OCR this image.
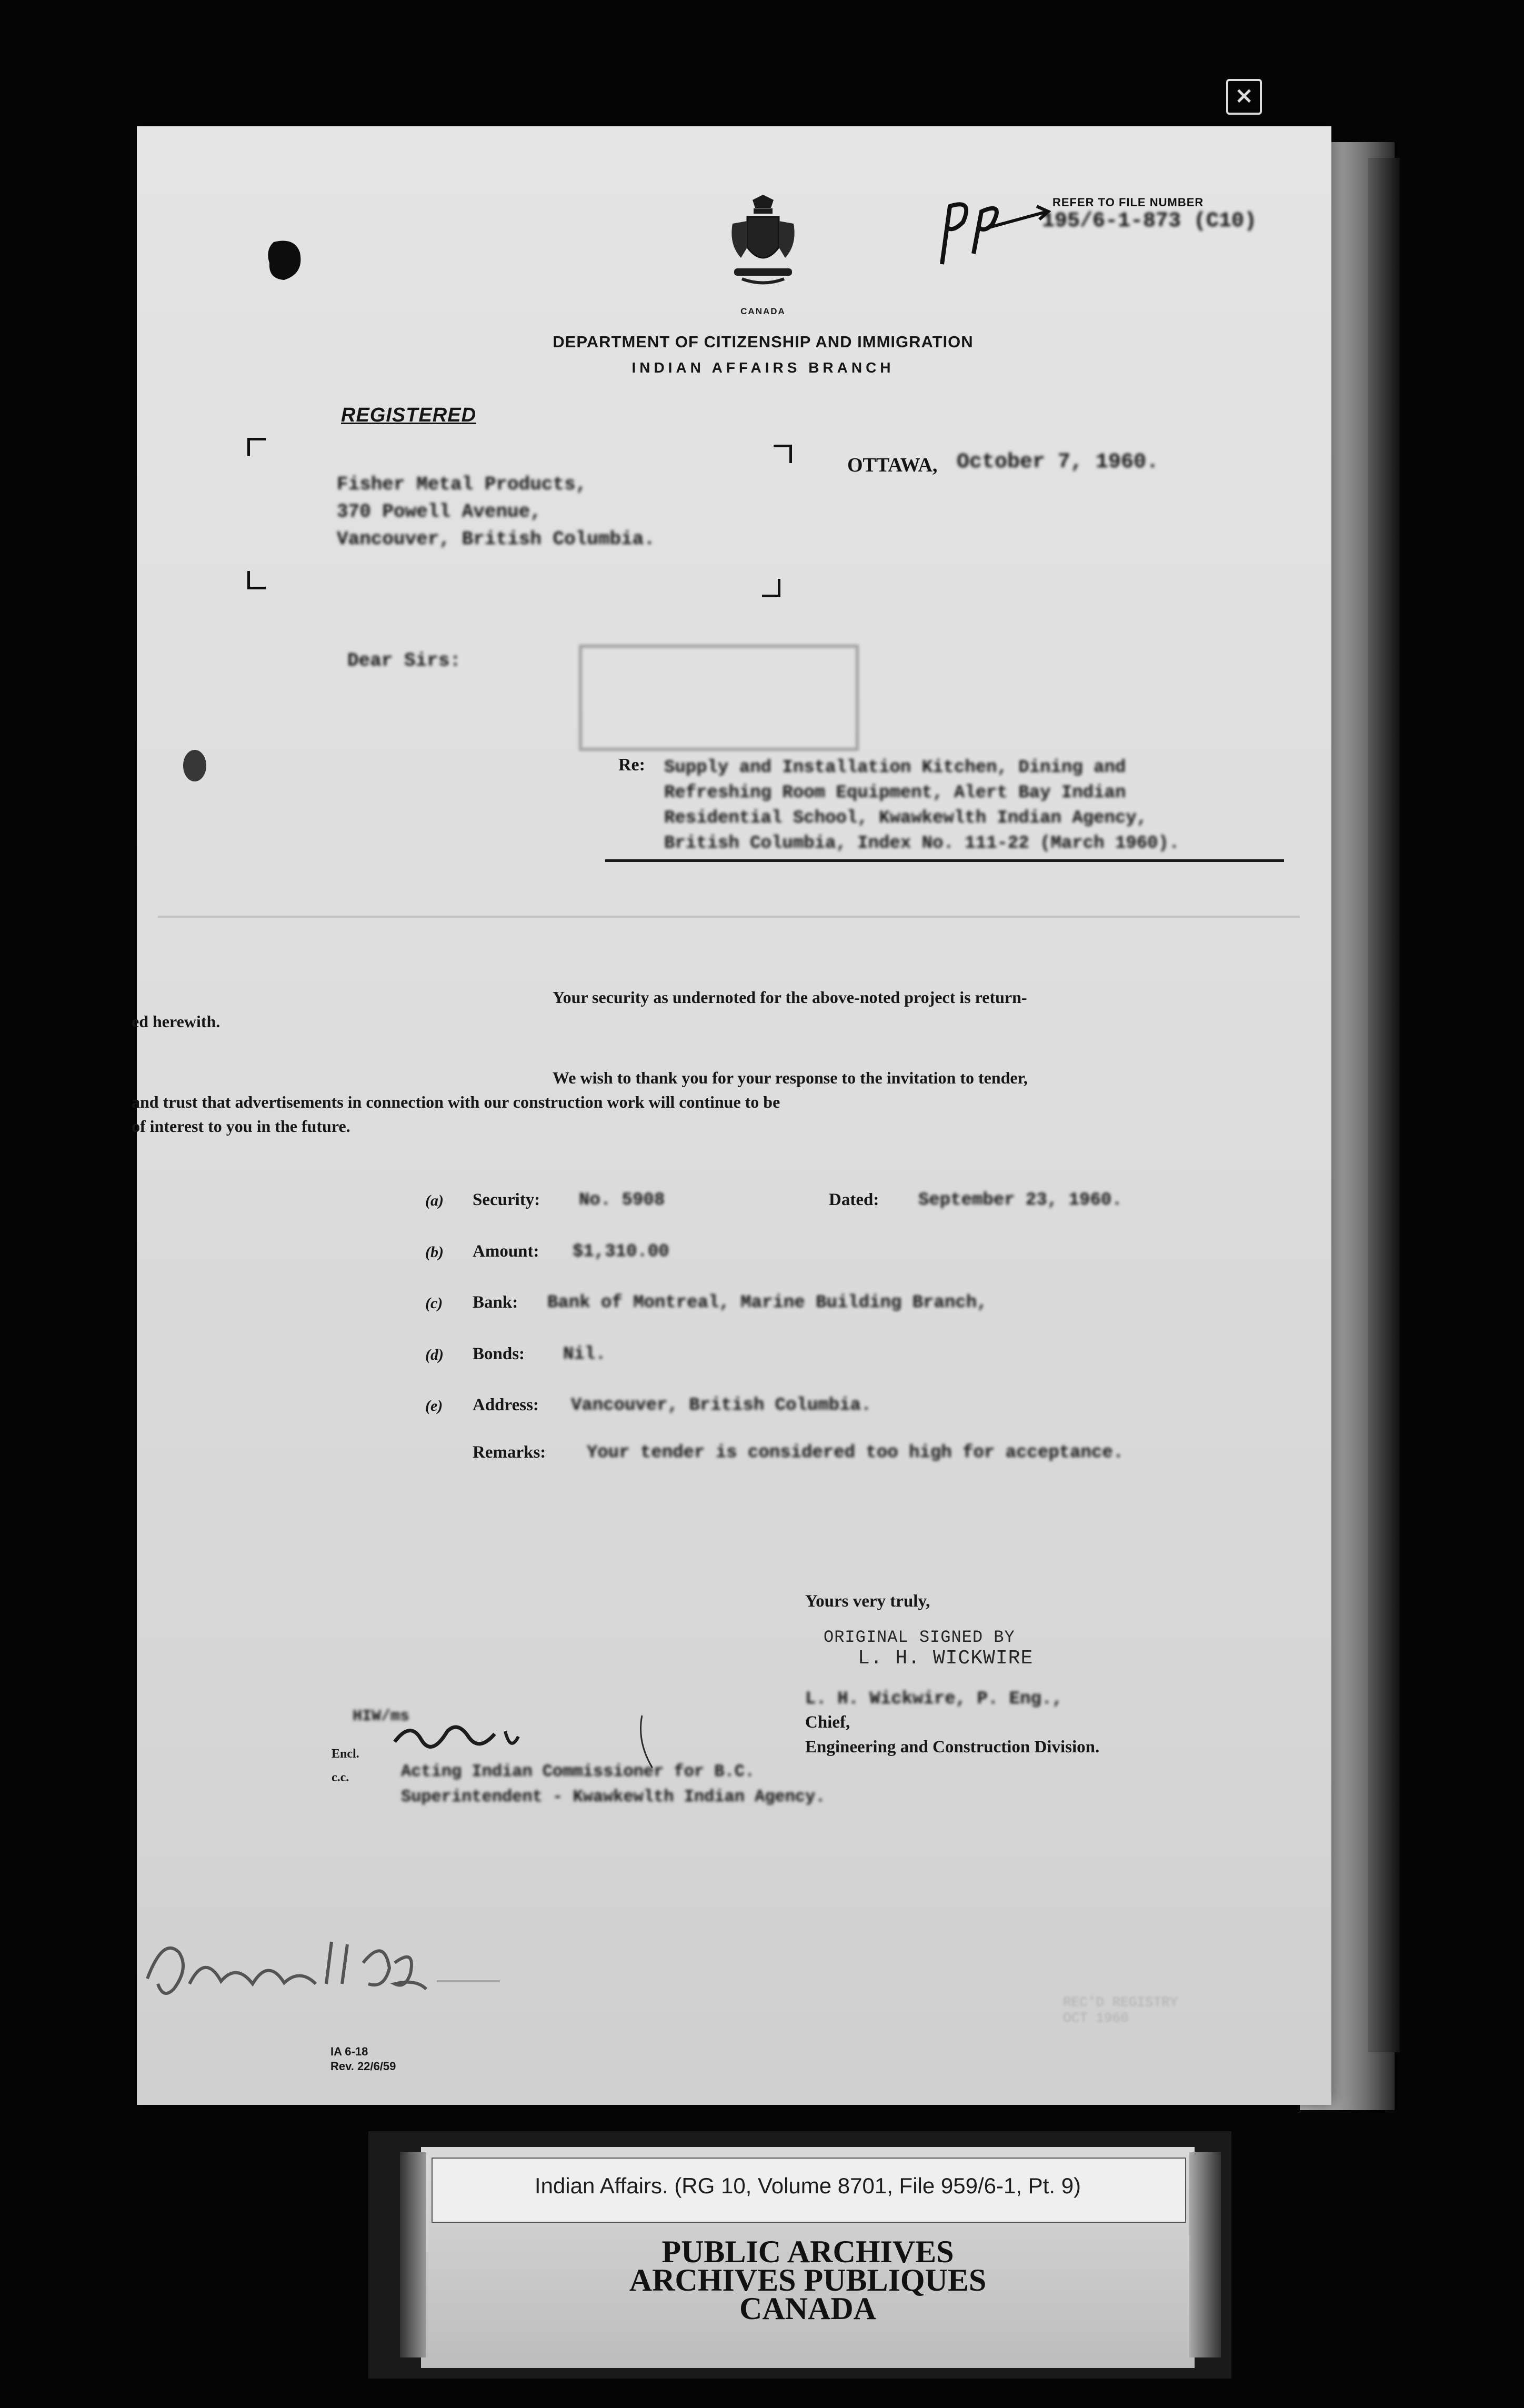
×
CANADA
DEPARTMENT OF CITIZENSHIP AND IMMIGRATION
INDIAN AFFAIRS BRANCH
REFER TO FILE NUMBER
195/6-1-873 (C10)
REGISTERED
Fisher Metal Products,
370 Powell Avenue,
Vancouver, British Columbia.
OTTAWA, October 7, 1960.
Dear Sirs:
Re: Supply and Installation Kitchen, Dining and
Refreshing Room Equipment, Alert Bay Indian
Residential School, Kwawkewlth Indian Agency,
British Columbia, Index No. 111-22 (March 1960).
Your security as undernoted for the above-noted project is return-
ed herewith.
We wish to thank you for your response to the invitation to tender,
and trust that advertisements in connection with our construction work will continue to be
of interest to you in the future.
(a) Security: No. 5908	Dated: September 23, 1960.
(b) Amount: $1,310.00
(c) Bank: Bank of Montreal, Marine Building Branch,
(d) Bonds: Nil.
(e) Address: Vancouver, British Columbia.
Remarks: Your tender is considered too high for acceptance.
Yours very truly,
ORIGINAL SIGNED BY
L. H. WICKWIRE
L. H. Wickwire, P. Eng.,
Chief,
Engineering and Construction Division.
HIW/ms
Encl.
c.c.	Acting Indian Commissioner for B.C.
Superintendent - Kwawkewlth Indian Agency.
REC'D REGISTRY
OCT 1960
IA 6-18
Rev. 22/6/59
Indian Affairs. (RG 10, Volume 8701, File 959/6-1, Pt. 9)
PUBLIC ARCHIVES
ARCHIVES PUBLIQUES
CANADA
